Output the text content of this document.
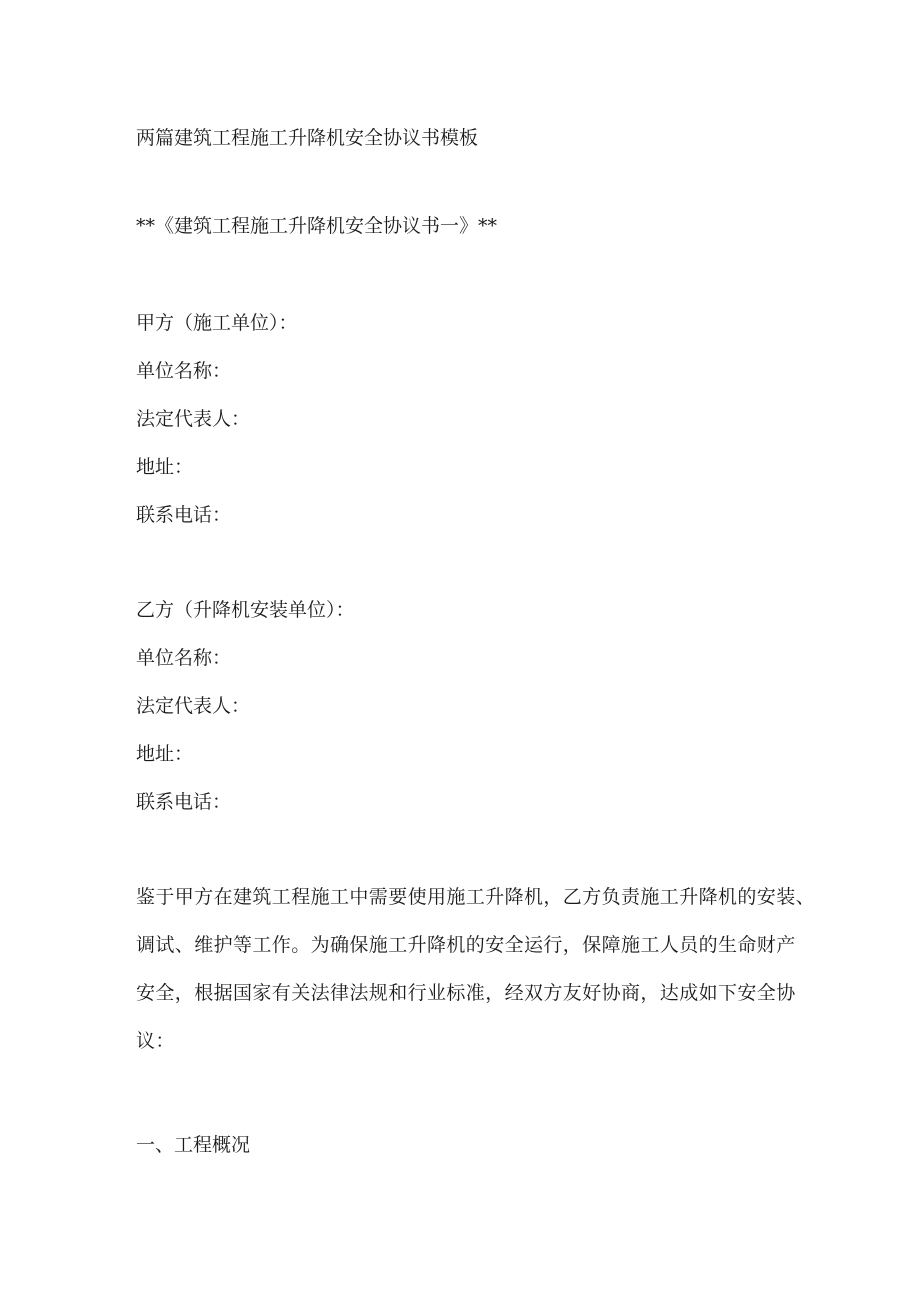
两篇建筑工程施工升降机安全协议书模板

**《建筑工程施工升降机安全协议书一》**

甲方（施工单位）：

单位名称：

法定代表人：

地址：

联系电话：

乙方（升降机安装单位）：

单位名称：

法定代表人：

地址：

联系电话：

鉴于甲方在建筑工程施工中需要使用施工升降机，乙方负责施工升降机的安装、
调试、维护等工作。为确保施工升降机的安全运行，保障施工人员的生命财产
安全，根据国家有关法律法规和行业标准，经双方友好协商，达成如下安全协
议：

一、工程概况
